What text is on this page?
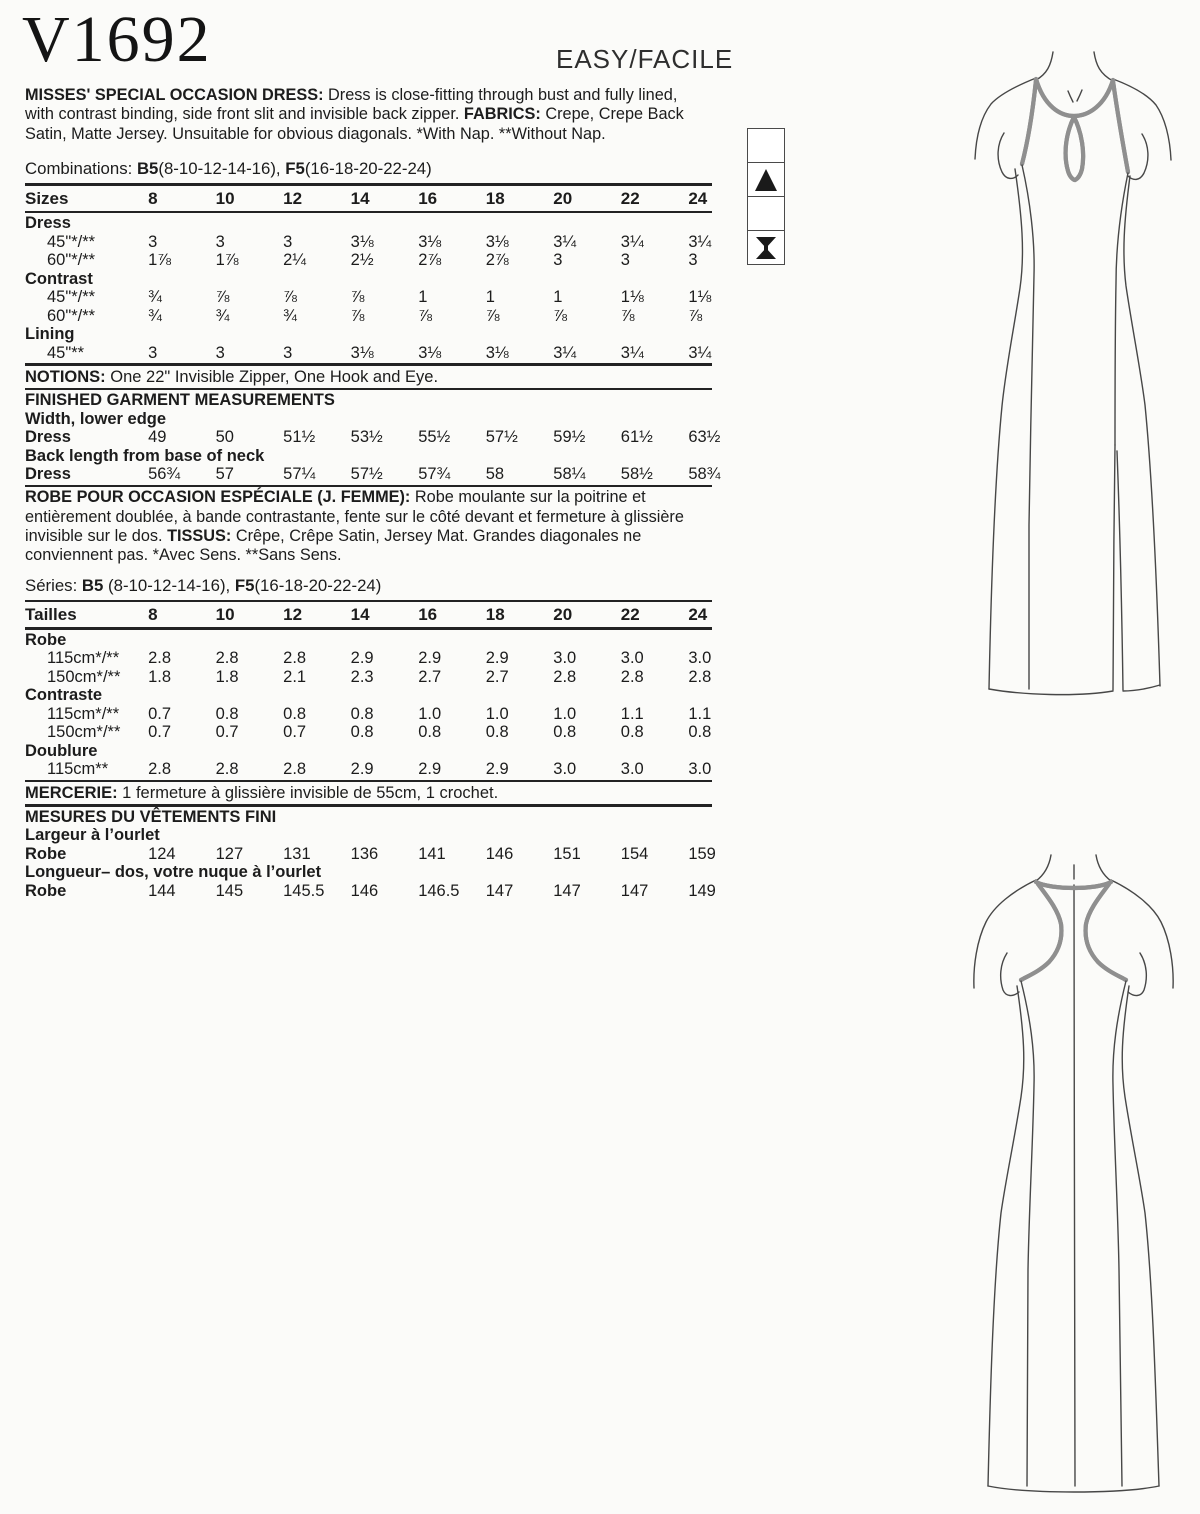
V1692	EASY/FACILE

MISSES' SPECIAL OCCASION DRESS: Dress is close-fitting through bust and fully lined, with contrast binding, side front slit and invisible back zipper. FABRICS: Crepe, Crepe Back Satin, Matte Jersey. Unsuitable for obvious diagonals. *With Nap. **Without Nap.

Combinations: B5(8-10-12-14-16), F5(16-18-20-22-24)

Sizes	8	10	12	14	16	18	20	22	24
Dress									
45"*/**	3	3	3	3⅛	3⅛	3⅛	3¼	3¼	3¼
60"*/**	1⅞	1⅞	2¼	2½	2⅞	2⅞	3	3	3
Contrast									
45"*/**	¾	⅞	⅞	⅞	1	1	1	1⅛	1⅛
60"*/**	¾	¾	¾	⅞	⅞	⅞	⅞	⅞	⅞
Lining									
45"**	3	3	3	3⅛	3⅛	3⅛	3¼	3¼	3¼

NOTIONS: One 22" Invisible Zipper, One Hook and Eye.

FINISHED GARMENT MEASUREMENTS									
Width, lower edge									
Dress	49	50	51½	53½	55½	57½	59½	61½	63½
Back length from base of neck									
Dress	56¾	57	57¼	57½	57¾	58	58¼	58½	58¾

ROBE POUR OCCASION ESPÉCIALE (J. FEMME): Robe moulante sur la poitrine et entièrement doublée, à bande contrastante, fente sur le côté devant et fermeture à glissière invisible sur le dos. TISSUS: Crêpe, Crêpe Satin, Jersey Mat. Grandes diagonales ne conviennent pas. *Avec Sens. **Sans Sens.

Séries: B5 (8-10-12-14-16), F5(16-18-20-22-24)

Tailles	8	10	12	14	16	18	20	22	24
Robe									
115cm*/**	2.8	2.8	2.8	2.9	2.9	2.9	3.0	3.0	3.0
150cm*/**	1.8	1.8	2.1	2.3	2.7	2.7	2.8	2.8	2.8
Contraste									
115cm*/**	0.7	0.8	0.8	0.8	1.0	1.0	1.0	1.1	1.1
150cm*/**	0.7	0.7	0.7	0.8	0.8	0.8	0.8	0.8	0.8
Doublure									
115cm**	2.8	2.8	2.8	2.9	2.9	2.9	3.0	3.0	3.0

MERCERIE: 1 fermeture à glissière invisible de 55cm, 1 crochet.

MESURES DU VÊTEMENTS FINI									
Largeur à l’ourlet									
Robe	124	127	131	136	141	146	151	154	159
Longueur– dos, votre nuque à l’ourlet									
Robe	144	145	145.5	146	146.5	147	147	147	149
